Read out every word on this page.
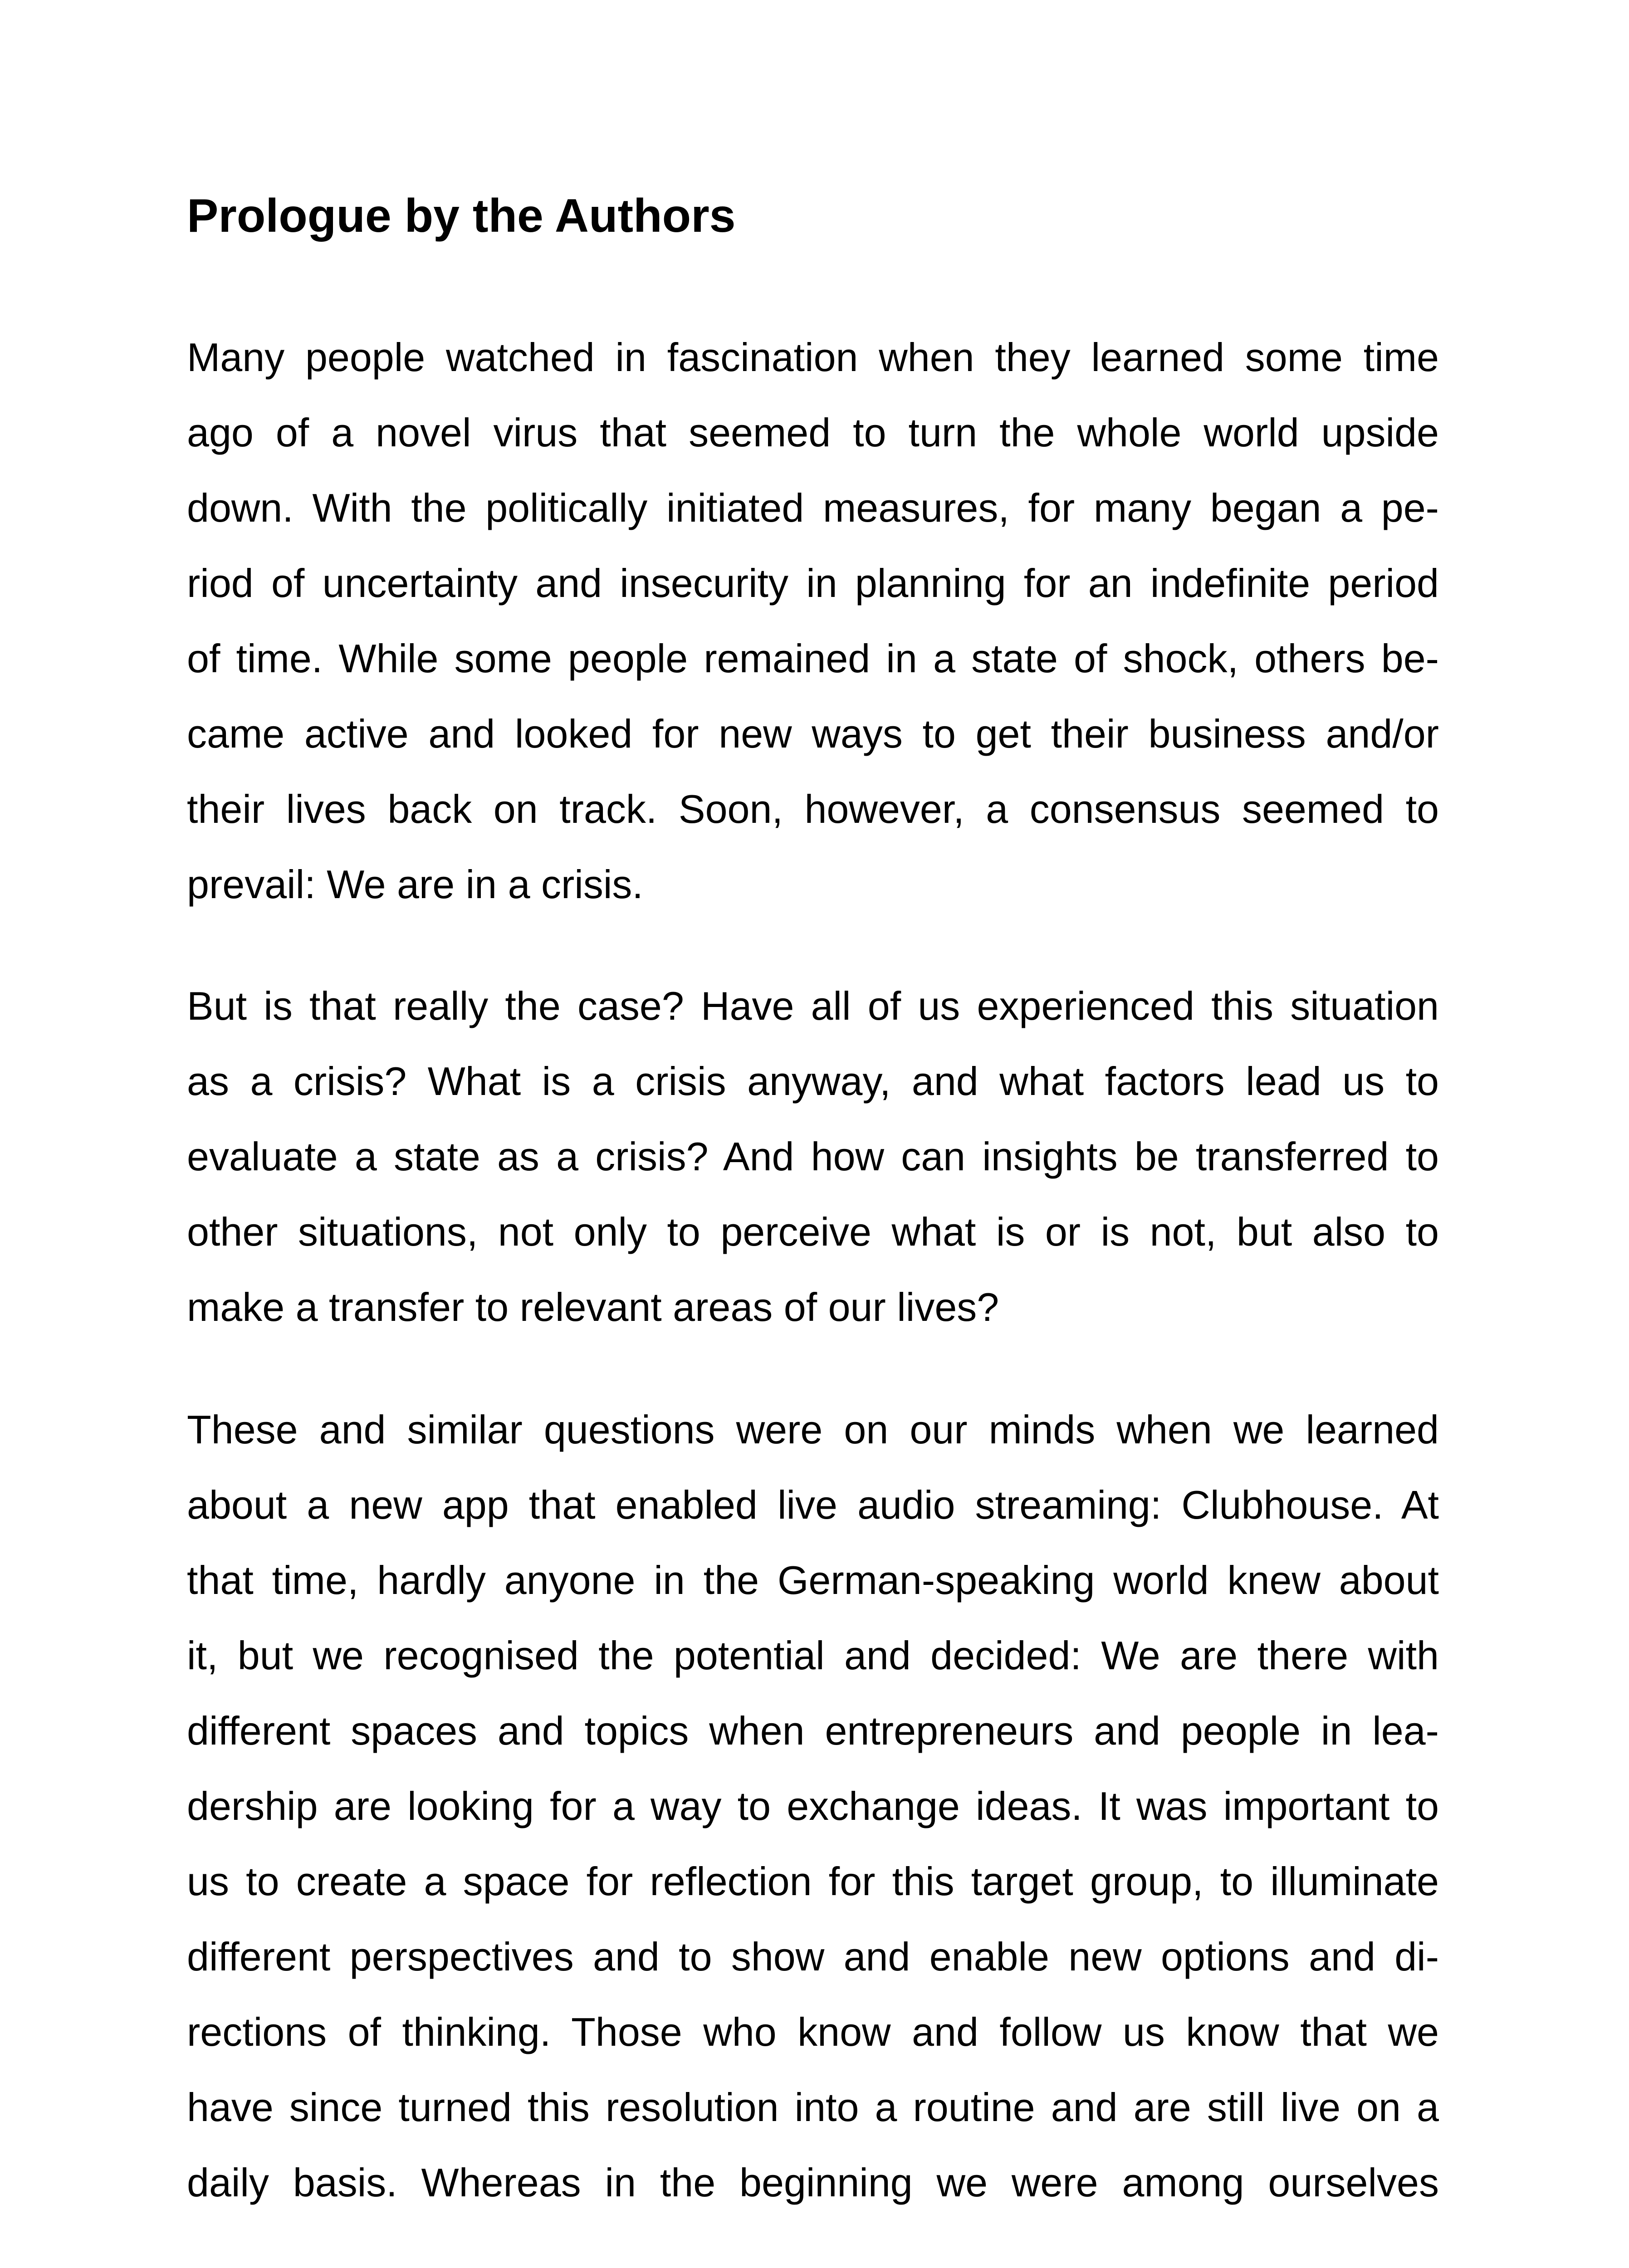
Prologue by the Authors
Many people watched in fascination when they learned some time
ago of a novel virus that seemed to turn the whole world upside
down. With the politically initiated measures, for many began a pe-
riod of uncertainty and insecurity in planning for an indefinite period
of time. While some people remained in a state of shock, others be-
came active and looked for new ways to get their business and/or
their lives back on track. Soon, however, a consensus seemed to
prevail: We are in a crisis.
But is that really the case? Have all of us experienced this situation
as a crisis? What is a crisis anyway, and what factors lead us to
evaluate a state as a crisis? And how can insights be transferred to
other situations, not only to perceive what is or is not, but also to
make a transfer to relevant areas of our lives?
These and similar questions were on our minds when we learned
about a new app that enabled live audio streaming: Clubhouse. At
that time, hardly anyone in the German-speaking world knew about
it, but we recognised the potential and decided: We are there with
different spaces and topics when entrepreneurs and people in lea-
dership are looking for a way to exchange ideas. It was important to
us to create a space for reflection for this target group, to illuminate
different perspectives and to show and enable new options and di-
rections of thinking. Those who know and follow us know that we
have since turned this resolution into a routine and are still live on a
daily basis. Whereas in the beginning we were among ourselves
